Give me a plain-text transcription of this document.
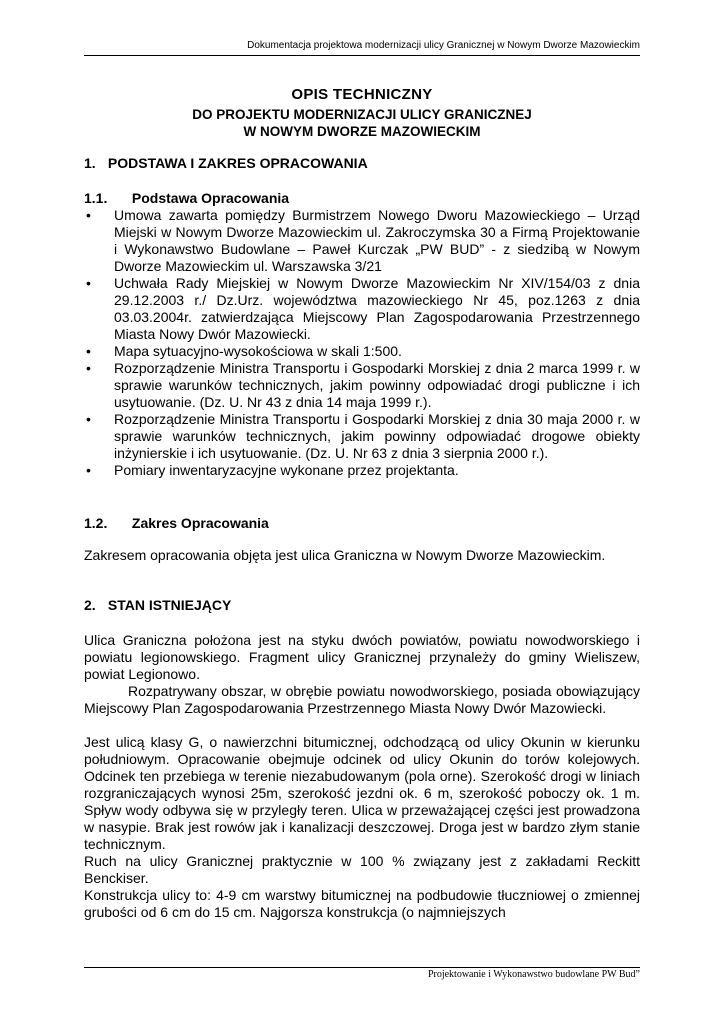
Dokumentacja projektowa modernizacji ulicy Granicznej w Nowym Dworze Mazowieckim
OPIS TECHNICZNY
DO PROJEKTU MODERNIZACJI ULICY GRANICZNEJ
W NOWYM DWORZE MAZOWIECKIM
1. PODSTAWA I ZAKRES OPRACOWANIA
1.1. Podstawa Opracowania
• Umowa zawarta pomiędzy Burmistrzem Nowego Dworu Mazowieckiego – Urząd Miejski w Nowym Dworze Mazowieckim ul. Zakroczymska 30 a Firmą Projektowanie i Wykonawstwo Budowlane – Paweł Kurczak „PW BUD” - z siedzibą w Nowym Dworze Mazowieckim ul. Warszawska 3/21
• Uchwała Rady Miejskiej w Nowym Dworze Mazowieckim Nr XIV/154/03 z dnia 29.12.2003 r./ Dz.Urz. województwa mazowieckiego Nr 45, poz.1263 z dnia 03.03.2004r. zatwierdzająca Miejscowy Plan Zagospodarowania Przestrzennego Miasta Nowy Dwór Mazowiecki.
• Mapa sytuacyjno-wysokościowa w skali 1:500.
• Rozporządzenie Ministra Transportu i Gospodarki Morskiej z dnia 2 marca 1999 r. w sprawie warunków technicznych, jakim powinny odpowiadać drogi publiczne i ich usytuowanie. (Dz. U. Nr 43 z dnia 14 maja 1999 r.).
• Rozporządzenie Ministra Transportu i Gospodarki Morskiej z dnia 30 maja 2000 r. w sprawie warunków technicznych, jakim powinny odpowiadać drogowe obiekty inżynierskie i ich usytuowanie. (Dz. U. Nr 63 z dnia 3 sierpnia 2000 r.).
• Pomiary inwentaryzacyjne wykonane przez projektanta.
1.2. Zakres Opracowania

Zakresem opracowania objęta jest ulica Graniczna w Nowym Dworze Mazowieckim.

2. STAN ISTNIEJĄCY

Ulica Graniczna położona jest na styku dwóch powiatów, powiatu nowodworskiego i powiatu legionowskiego. Fragment ulicy Granicznej przynależy do gminy Wieliszew, powiat Legionowo.

Rozpatrywany obszar, w obrębie powiatu nowodworskiego, posiada obowiązujący Miejscowy Plan Zagospodarowania Przestrzennego Miasta Nowy Dwór Mazowiecki.

Jest ulicą klasy G, o nawierzchni bitumicznej, odchodzącą od ulicy Okunin w kierunku południowym. Opracowanie obejmuje odcinek od ulicy Okunin do torów kolejowych. Odcinek ten przebiega w terenie niezabudowanym (pola orne). Szerokość drogi w liniach rozgraniczających wynosi 25m, szerokość jezdni ok. 6 m, szerokość poboczy ok. 1 m. Spływ wody odbywa się w przyległy teren. Ulica w przeważającej części jest prowadzona w nasypie. Brak jest rowów jak i kanalizacji deszczowej. Droga jest w bardzo złym stanie technicznym.

Ruch na ulicy Granicznej praktycznie w 100 % związany jest z zakładami Reckitt Benckiser.

Konstrukcja ulicy to: 4-9 cm warstwy bitumicznej na podbudowie tłuczniowej o zmiennej grubości od 6 cm do 15 cm. Najgorsza konstrukcja (o najmniejszych

Projektowanie i Wykonawstwo budowlane PW Bud”
